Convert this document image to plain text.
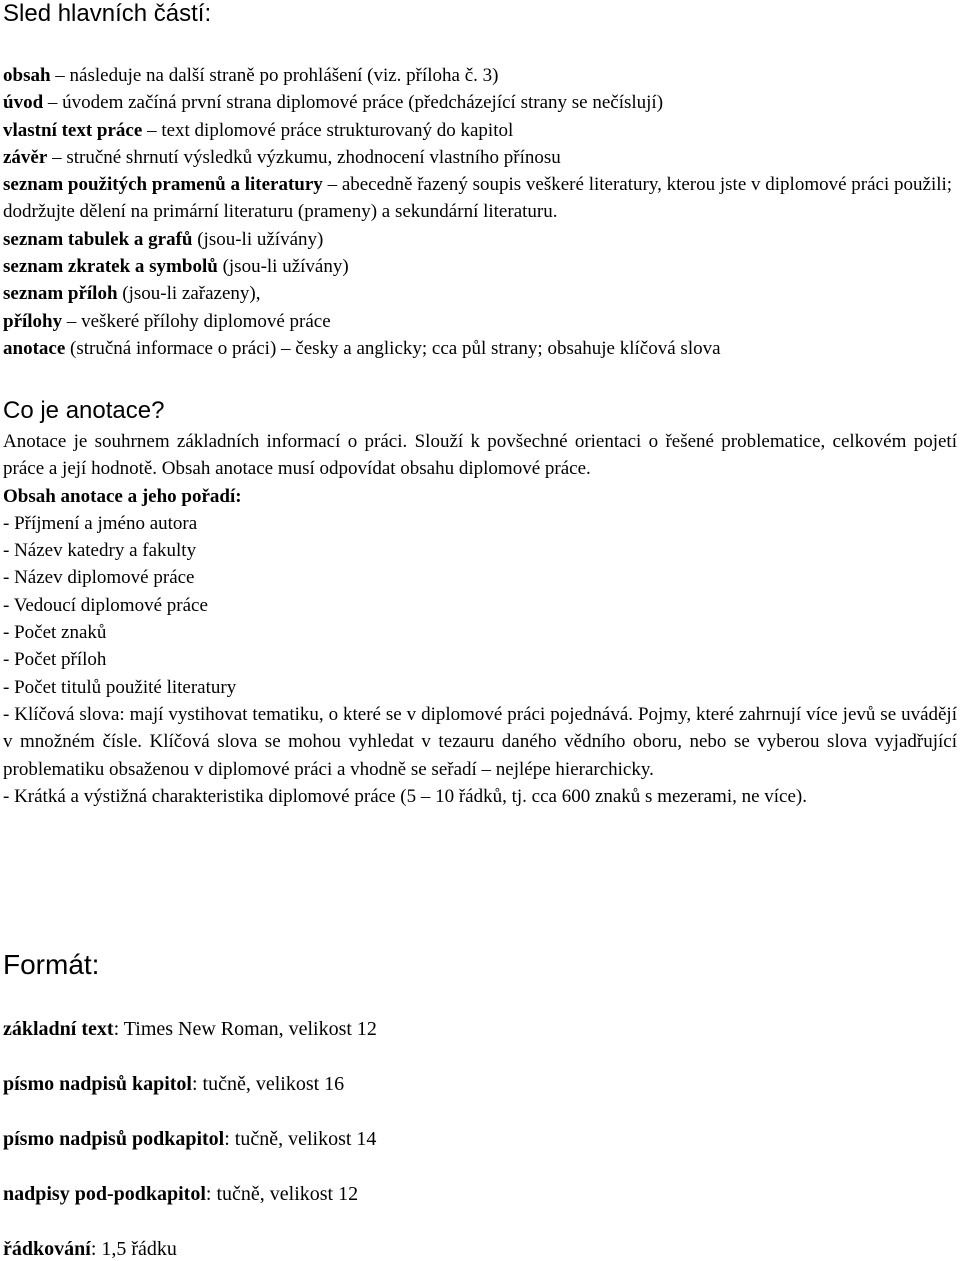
Sled hlavních částí:

obsah – následuje na další straně po prohlášení (viz. příloha č. 3)

úvod – úvodem začíná první strana diplomové práce (předcházející strany se nečíslují)

vlastní text práce – text diplomové práce strukturovaný do kapitol

závěr – stručné shrnutí výsledků výzkumu, zhodnocení vlastního přínosu

seznam použitých pramenů a literatury – abecedně řazený soupis veškeré literatury, kterou jste v diplomové práci použili; dodržujte dělení na primární literaturu (prameny) a sekundární literaturu.

seznam tabulek a grafů (jsou-li užívány)

seznam zkratek a symbolů (jsou-li užívány)

seznam příloh (jsou-li zařazeny),

přílohy – veškeré přílohy diplomové práce

anotace (stručná informace o práci) – česky a anglicky; cca půl strany; obsahuje klíčová slova

Co je anotace?

Anotace je souhrnem základních informací o práci. Slouží k povšechné orientaci o řešené problematice, celkovém pojetí práce a její hodnotě. Obsah anotace musí odpovídat obsahu diplomové práce.

Obsah anotace a jeho pořadí:

- Příjmení a jméno autora

- Název katedry a fakulty

- Název diplomové práce

- Vedoucí diplomové práce

- Počet znaků

- Počet příloh

- Počet titulů použité literatury

- Klíčová slova: mají vystihovat tematiku, o které se v diplomové práci pojednává. Pojmy, které zahrnují více jevů se uvádějí v množném čísle. Klíčová slova se mohou vyhledat v tezauru daného vědního oboru, nebo se vyberou slova vyjadřující problematiku obsaženou v diplomové práci a vhodně se seřadí – nejlépe hierarchicky.

- Krátká a výstižná charakteristika diplomové práce (5 – 10 řádků, tj. cca 600 znaků s mezerami, ne více).

Formát:
základní text: Times New Roman, velikost 12
písmo nadpisů kapitol: tučně, velikost 16
písmo nadpisů podkapitol: tučně, velikost 14
nadpisy pod-podkapitol: tučně, velikost 12
řádkování: 1,5 řádku
